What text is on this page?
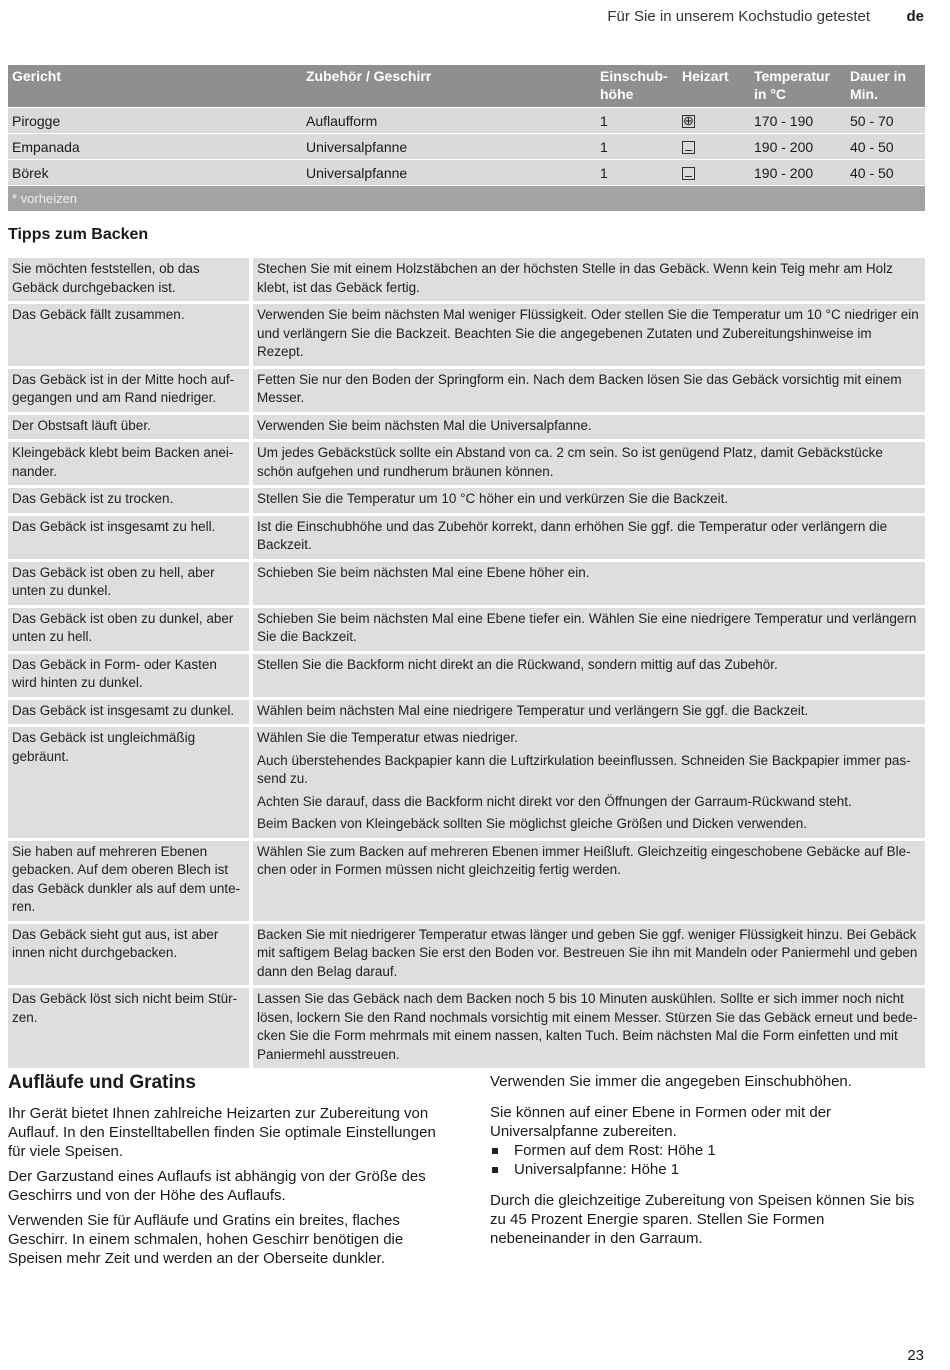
Für Sie in unserem Kochstudio getestet de
Gericht	Zubehör / Geschirr	Einschub-höhe	Heizart	Temperatur in °C	Dauer in Min.
Pirogge	Auflaufform	1	⊕	170 - 190	50 - 70
Empanada	Universalpfanne	1		190 - 200	40 - 50
Börek	Universalpfanne	1		190 - 200	40 - 50
* vorheizen					
Tipps zum Backen
Sie möchten feststellen, ob das Gebäck durchgebacken ist.	Stechen Sie mit einem Holzstäbchen an der höchsten Stelle in das Gebäck. Wenn kein Teig mehr am Holz klebt, ist das Gebäck fertig.

Das Gebäck fällt zusammen.	Verwenden Sie beim nächsten Mal weniger Flüssigkeit. Oder stellen Sie die Temperatur um 10 °C niedriger ein und verlängern Sie die Backzeit. Beachten Sie die angegebenen Zutaten und Zubereitungshinweise im Rezept.

Das Gebäck ist in der Mitte hoch auf-gegangen und am Rand niedriger.	Fetten Sie nur den Boden der Springform ein. Nach dem Backen lösen Sie das Gebäck vorsichtig mit einem Messer.

Der Obstsaft läuft über.	Verwenden Sie beim nächsten Mal die Universalpfanne.

Kleingebäck klebt beim Backen anei-nander.	Um jedes Gebäckstück sollte ein Abstand von ca. 2 cm sein. So ist genügend Platz, damit Gebäckstücke schön aufgehen und rundherum bräunen können.

Das Gebäck ist zu trocken.	Stellen Sie die Temperatur um 10 °C höher ein und verkürzen Sie die Backzeit.

Das Gebäck ist insgesamt zu hell.	Ist die Einschubhöhe und das Zubehör korrekt, dann erhöhen Sie ggf. die Temperatur oder verlängern die Backzeit.

Das Gebäck ist oben zu hell, aber unten zu dunkel.	Schieben Sie beim nächsten Mal eine Ebene höher ein.

Das Gebäck ist oben zu dunkel, aber unten zu hell.	Schieben Sie beim nächsten Mal eine Ebene tiefer ein. Wählen Sie eine niedrigere Temperatur und verlängern Sie die Backzeit.

Das Gebäck in Form- oder Kasten wird hinten zu dunkel.	Stellen Sie die Backform nicht direkt an die Rückwand, sondern mittig auf das Zubehör.

Das Gebäck ist insgesamt zu dunkel.	Wählen beim nächsten Mal eine niedrigere Temperatur und verlängern Sie ggf. die Backzeit.

Das Gebäck ist ungleichmäßig gebräunt.	Wählen Sie die Temperatur etwas niedriger.

Auch überstehendes Backpapier kann die Luftzirkulation beeinflussen. Schneiden Sie Backpapier immer pas-send zu.

Achten Sie darauf, dass die Backform nicht direkt vor den Öffnungen der Garraum-Rückwand steht.

Beim Backen von Kleingebäck sollten Sie möglichst gleiche Größen und Dicken verwenden.

Sie haben auf mehreren Ebenen gebacken. Auf dem oberen Blech ist das Gebäck dunkler als auf dem unte-ren.	Wählen Sie zum Backen auf mehreren Ebenen immer Heißluft. Gleichzeitig eingeschobene Gebäcke auf Ble-chen oder in Formen müssen nicht gleichzeitig fertig werden.

Das Gebäck sieht gut aus, ist aber innen nicht durchgebacken.	Backen Sie mit niedrigerer Temperatur etwas länger und geben Sie ggf. weniger Flüssigkeit hinzu. Bei Gebäck mit saftigem Belag backen Sie erst den Boden vor. Bestreuen Sie ihn mit Mandeln oder Paniermehl und geben dann den Belag darauf.

Das Gebäck löst sich nicht beim Stür-zen.	Lassen Sie das Gebäck nach dem Backen noch 5 bis 10 Minuten auskühlen. Sollte er sich immer noch nicht lösen, lockern Sie den Rand nochmals vorsichtig mit einem Messer. Stürzen Sie das Gebäck erneut und bede-cken Sie die Form mehrmals mit einem nassen, kalten Tuch. Beim nächsten Mal die Form einfetten und mit Paniermehl ausstreuen.

Aufläufe und Gratins

Ihr Gerät bietet Ihnen zahlreiche Heizarten zur Zubereitung von Auflauf. In den Einstelltabellen finden Sie optimale Einstellungen für viele Speisen.

Der Garzustand eines Auflaufs ist abhängig von der Größe des Geschirrs und von der Höhe des Auflaufs.

Verwenden Sie für Aufläufe und Gratins ein breites, flaches Geschirr. In einem schmalen, hohen Geschirr benötigen die Speisen mehr Zeit und werden an der Oberseite dunkler.

Verwenden Sie immer die angegeben Einschubhöhen.

Sie können auf einer Ebene in Formen oder mit der Universalpfanne zubereiten.

Formen auf dem Rost: Höhe 1
Universalpfanne: Höhe 1

Durch die gleichzeitige Zubereitung von Speisen können Sie bis zu 45 Prozent Energie sparen. Stellen Sie Formen nebeneinander in den Garraum.

23
